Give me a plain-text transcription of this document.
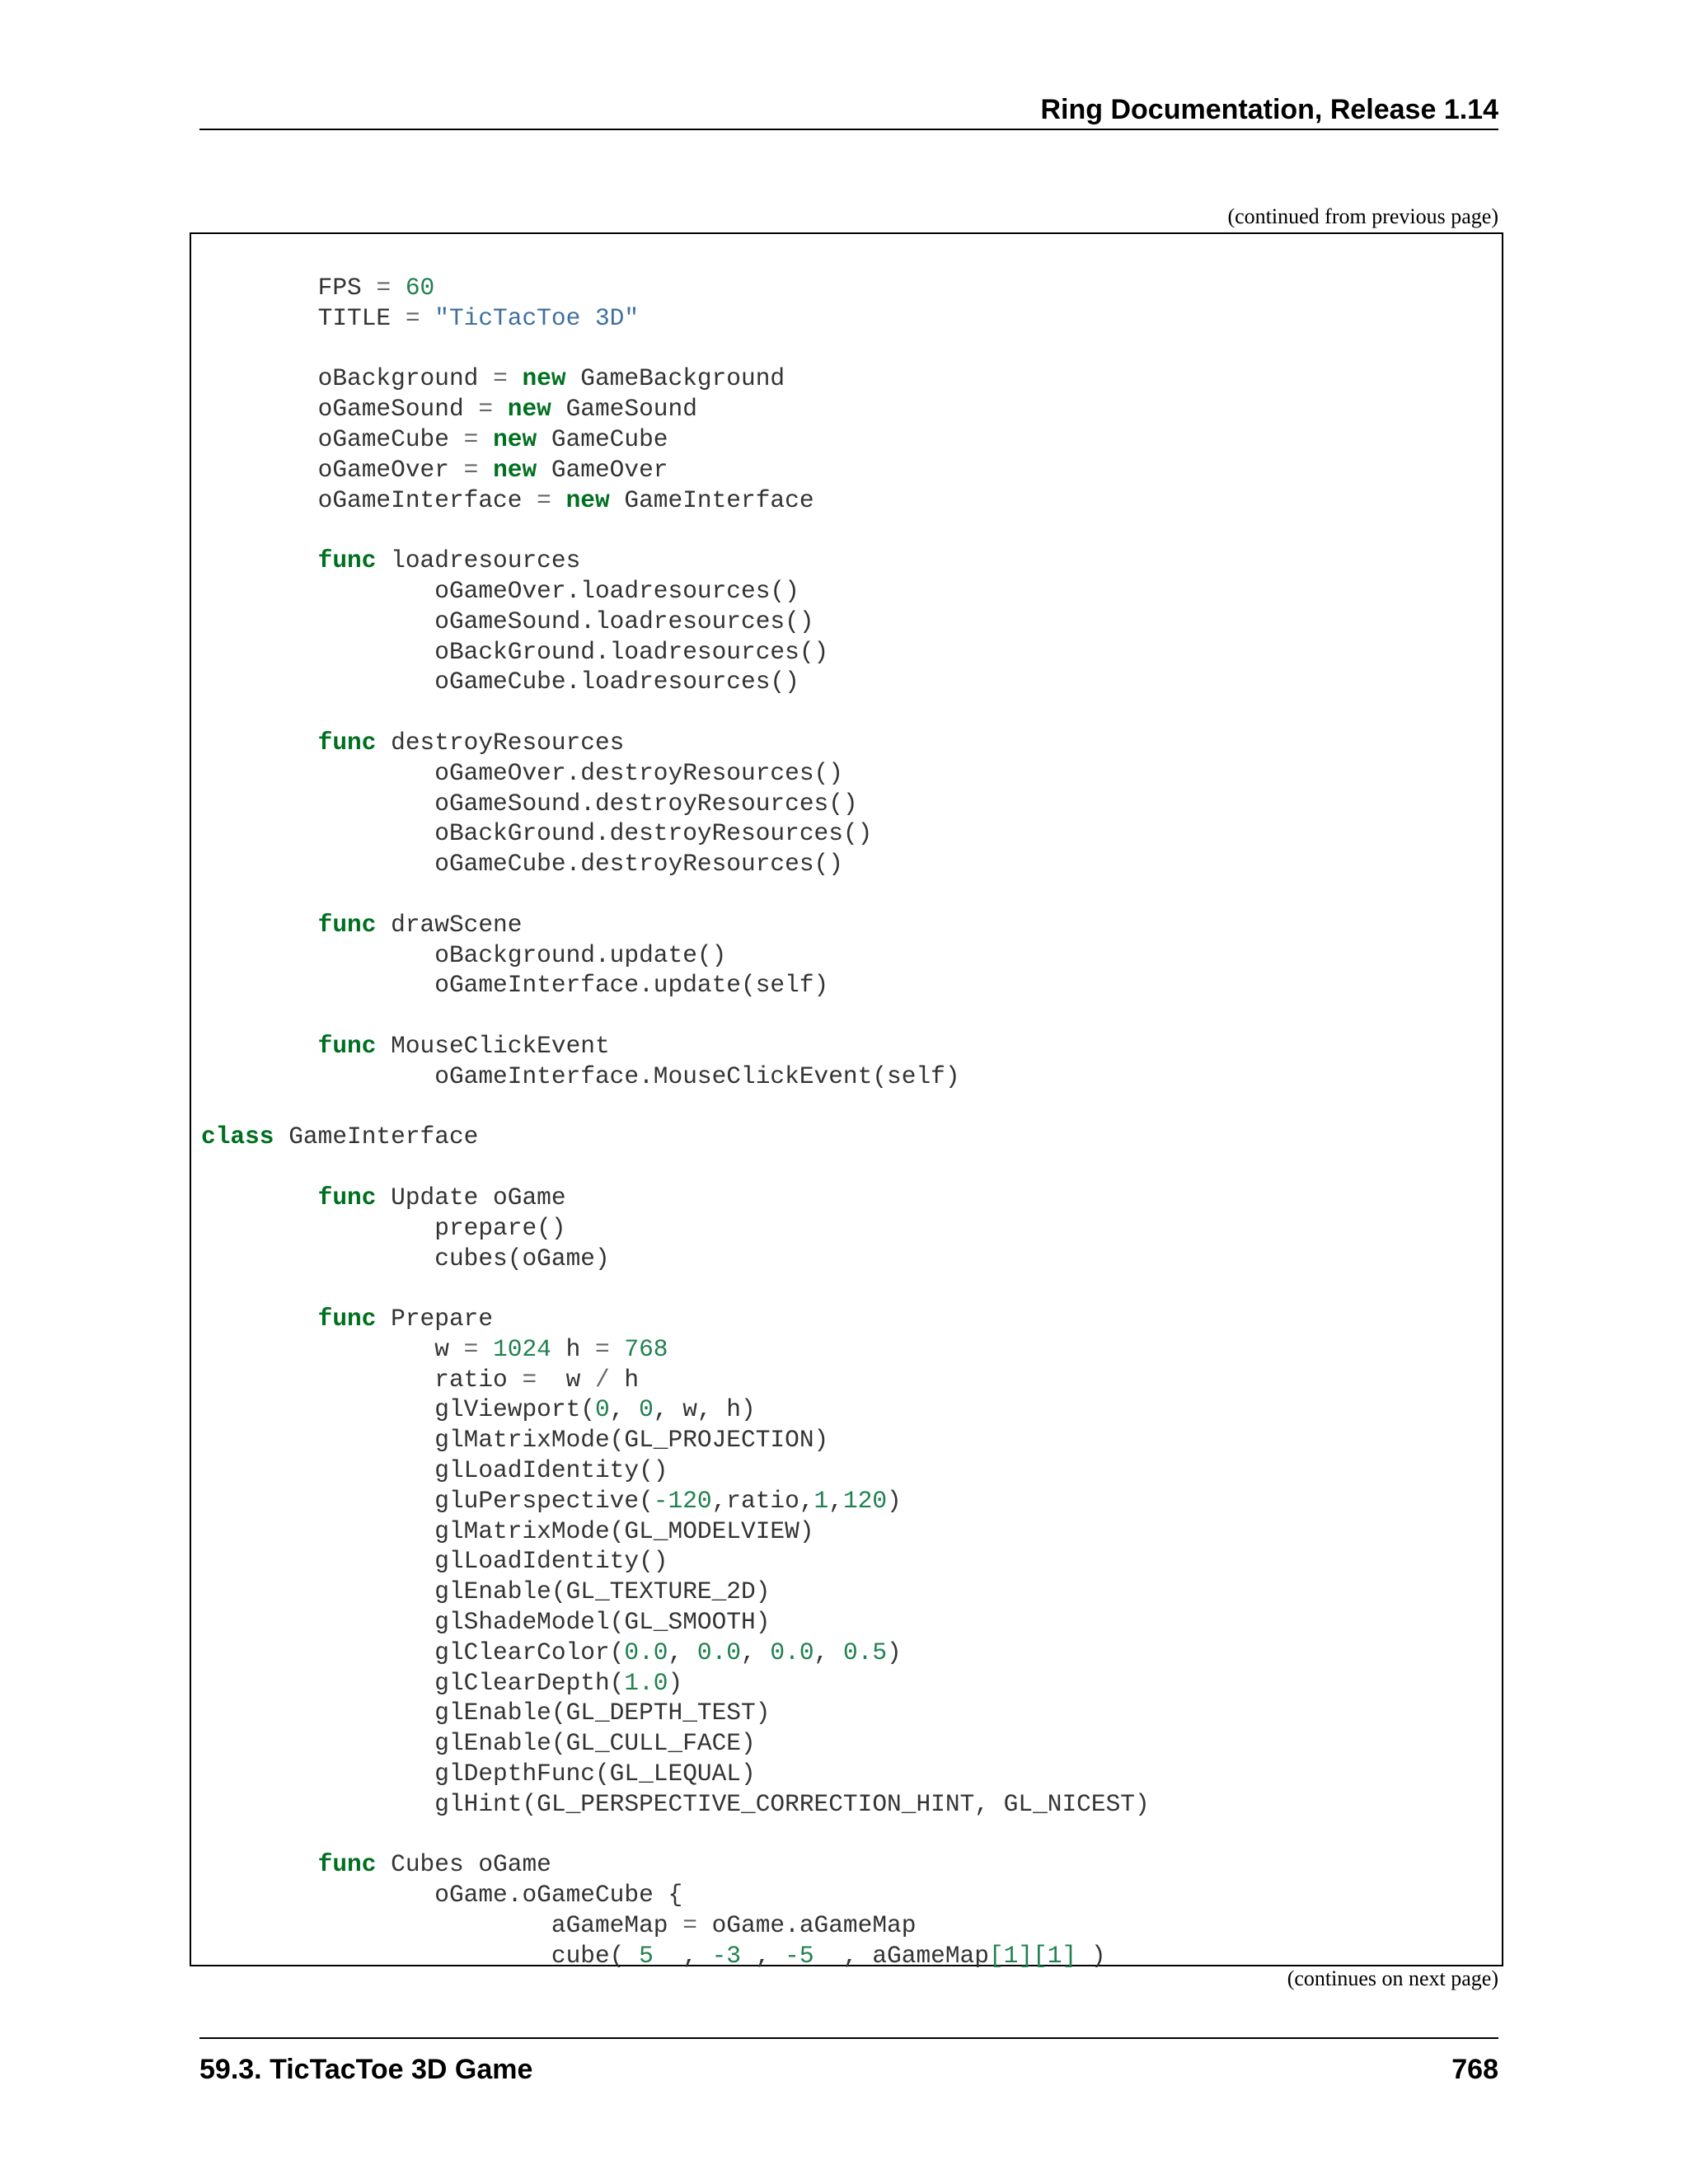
Ring Documentation, Release 1.14
(continued from previous page)
FPS = 60
TITLE = "TicTacToe 3D"
oBackground = new GameBackground
oGameSound = new GameSound
oGameCube = new GameCube
oGameOver = new GameOver
oGameInterface = new GameInterface
func loadresources
oGameOver.loadresources()
oGameSound.loadresources()
oBackGround.loadresources()
oGameCube.loadresources()
func destroyResources
oGameOver.destroyResources()
oGameSound.destroyResources()
oBackGround.destroyResources()
oGameCube.destroyResources()
func drawScene
oBackground.update()
oGameInterface.update(self)
func MouseClickEvent
oGameInterface.MouseClickEvent(self)
class GameInterface
func Update oGame
prepare()
cubes(oGame)
func Prepare
w = 1024 h = 768
ratio =  w / h
glViewport(0, 0, w, h)
glMatrixMode(GL_PROJECTION)
glLoadIdentity()
gluPerspective(-120,ratio,1,120)
glMatrixMode(GL_MODELVIEW)
glLoadIdentity()
glEnable(GL_TEXTURE_2D)
glShadeModel(GL_SMOOTH)
glClearColor(0.0, 0.0, 0.0, 0.5)
glClearDepth(1.0)
glEnable(GL_DEPTH_TEST)
glEnable(GL_CULL_FACE)
glDepthFunc(GL_LEQUAL)
glHint(GL_PERSPECTIVE_CORRECTION_HINT, GL_NICEST)
func Cubes oGame
oGame.oGameCube {
aGameMap = oGame.aGameMap
cube( 5  , -3 , -5  , aGameMap[1][1] )
(continues on next page)
59.3. TicTacToe 3D Game	768
